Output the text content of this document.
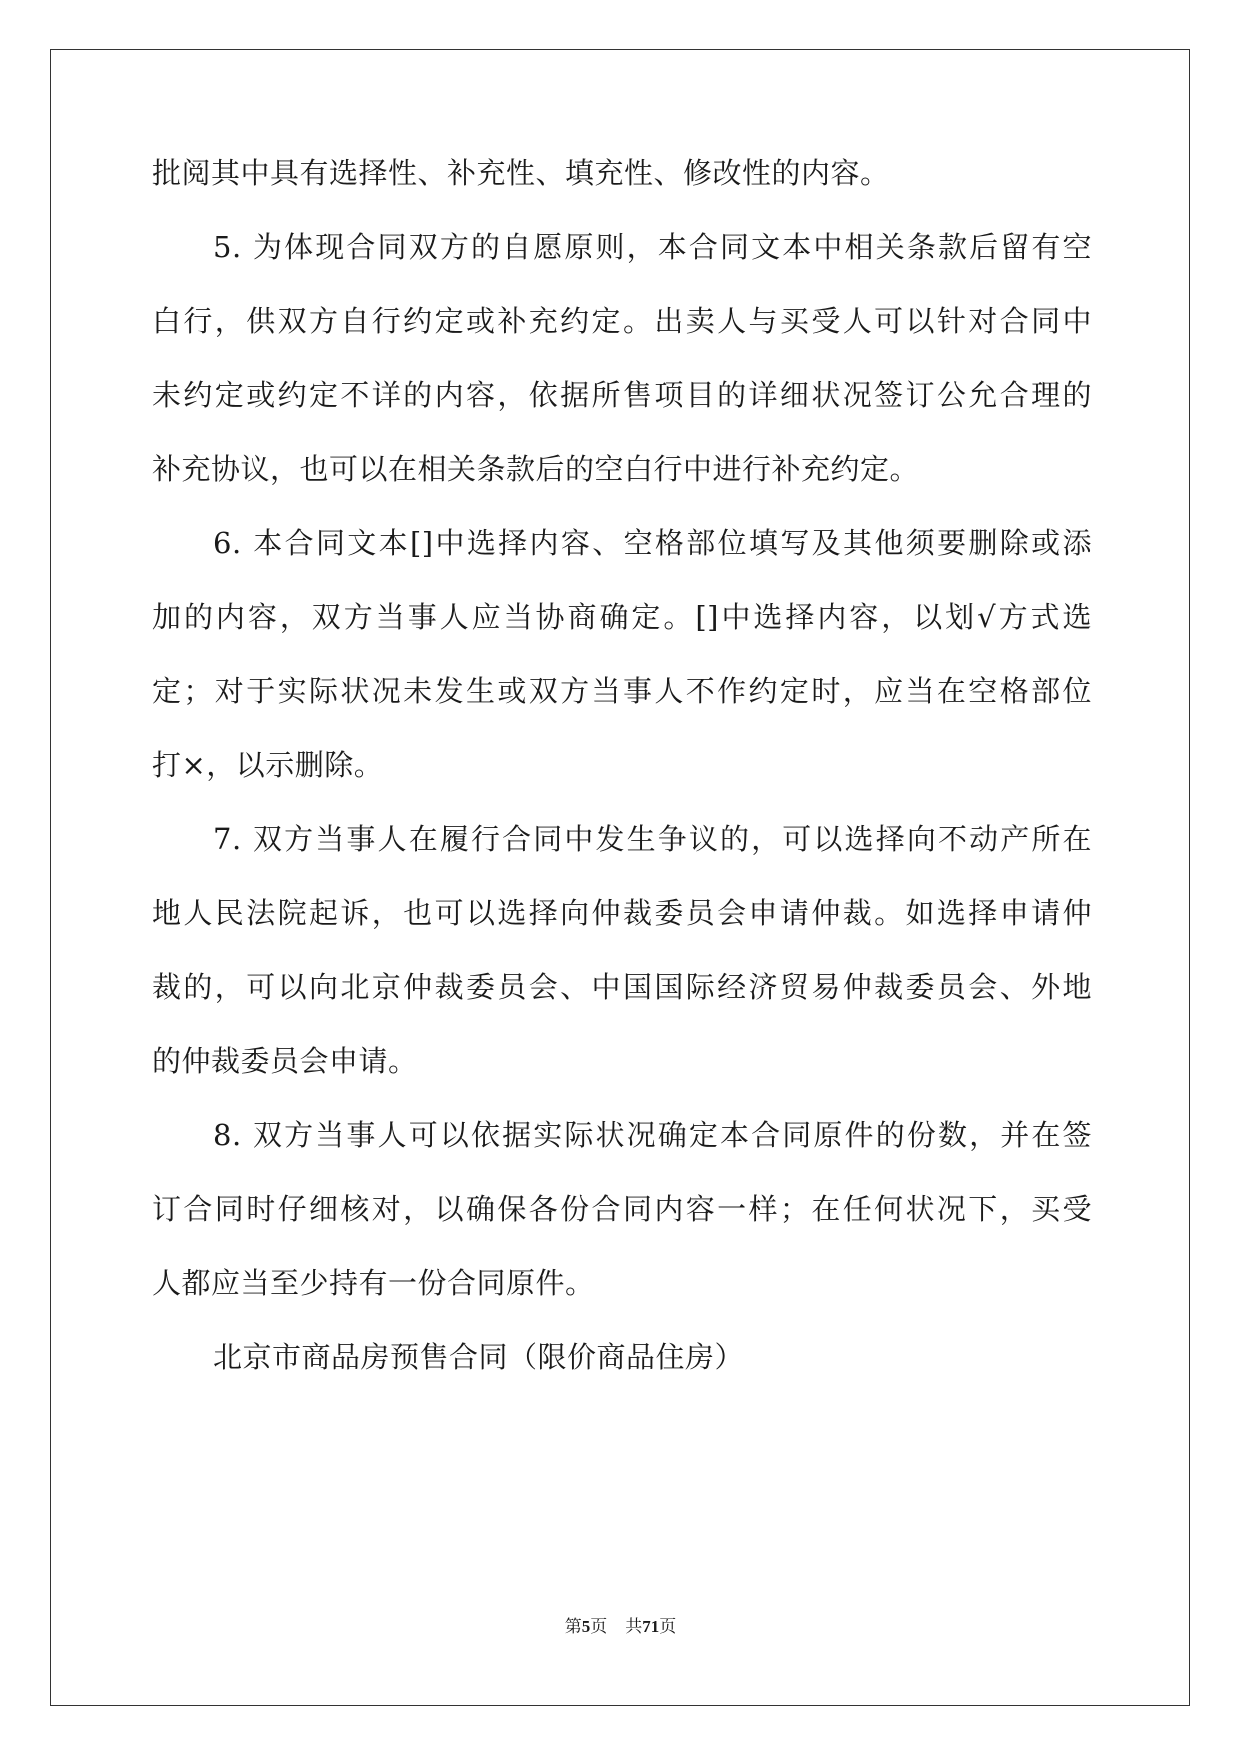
批阅其中具有选择性、补充性、填充性、修改性的内容。
5. 为体现合同双方的自愿原则，本合同文本中相关条款后留有空
白行，供双方自行约定或补充约定。出卖人与买受人可以针对合同中
未约定或约定不详的内容，依据所售项目的详细状况签订公允合理的
补充协议，也可以在相关条款后的空白行中进行补充约定。
6. 本合同文本[]中选择内容、空格部位填写及其他须要删除或添
加的内容，双方当事人应当协商确定。[]中选择内容，以划√方式选
定；对于实际状况未发生或双方当事人不作约定时，应当在空格部位
打×，以示删除。
7. 双方当事人在履行合同中发生争议的，可以选择向不动产所在
地人民法院起诉，也可以选择向仲裁委员会申请仲裁。如选择申请仲
裁的，可以向北京仲裁委员会、中国国际经济贸易仲裁委员会、外地
的仲裁委员会申请。
8. 双方当事人可以依据实际状况确定本合同原件的份数，并在签
订合同时仔细核对，以确保各份合同内容一样；在任何状况下，买受
人都应当至少持有一份合同原件。
北京市商品房预售合同（限价商品住房）
第5页 共71页
